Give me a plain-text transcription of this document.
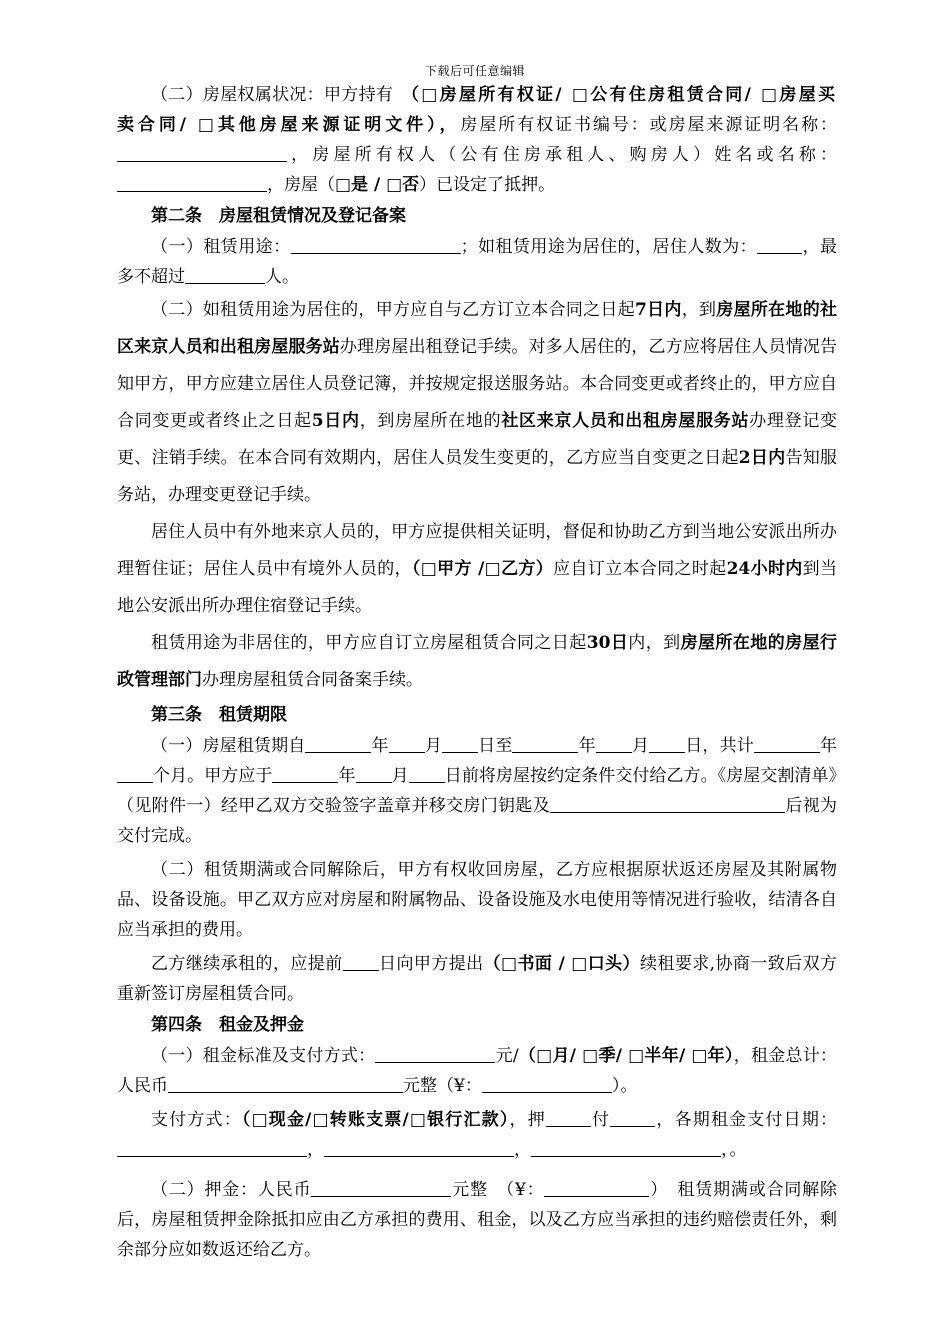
下载后可任意编辑

（二）房屋权属状况：甲方持有　（□房屋所有权证/ □公有住房租赁合同/ □房屋买卖合同/ □其他房屋来源证明文件），房屋所有权证书编号：或房屋来源证明名称：，房屋所有权人（公有住房承租人、购房人）姓名或名称：，房屋（□是 / □否）已设定了抵押。

第二条　房屋租赁情况及登记备案

（一）租赁用途：	；如租赁用途为居住的，居住人数为：	，最多不超过	人。

（二）如租赁用途为居住的，甲方应自与乙方订立本合同之日起7日内，到房屋所在地的社区来京人员和出租房屋服务站办理房屋出租登记手续。对多人居住的，乙方应将居住人员情况告知甲方，甲方应建立居住人员登记簿，并按规定报送服务站。本合同变更或者终止的，甲方应自合同变更或者终止之日起5日内，到房屋所在地的社区来京人员和出租房屋服务站办理登记变更、注销手续。在本合同有效期内，居住人员发生变更的，乙方应当自变更之日起2日内告知服务站，办理变更登记手续。

居住人员中有外地来京人员的，甲方应提供相关证明，督促和协助乙方到当地公安派出所办理暂住证；居住人员中有境外人员的，（□甲方 /□乙方）应自订立本合同之时起24小时内到当地公安派出所办理住宿登记手续。

租赁用途为非居住的，甲方应自订立房屋租赁合同之日起30日内，到房屋所在地的房屋行政管理部门办理房屋租赁合同备案手续。

第三条　租赁期限

（一）房屋租赁期自	年 月 日至	年 月 日，共计	年个月。甲方应于	年 月 日前将房屋按约定条件交付给乙方。《房屋交割清单》（见附件一）经甲乙双方交验签字盖章并移交房门钥匙及	后视为交付完成。

（二）租赁期满或合同解除后，甲方有权收回房屋，乙方应根据原状返还房屋及其附属物品、设备设施。甲乙双方应对房屋和附属物品、设备设施及水电使用等情况进行验收，结清各自应当承担的费用。

乙方继续承租的，应提前 日向甲方提出（□书面 / □口头）续租要求,协商一致后双方重新签订房屋租赁合同。

第四条　租金及押金

（一）租金标准及支付方式：	元/（□月/ □季/ □半年/ □年），租金总计：人民币	元整（¥：	）。

支付方式：（□现金/□转账支票/□银行汇款），押	付	，各期租金支付日期：，	，	，。

（二）押金：人民币	元整　（¥：	）　租赁期满或合同解除后，房屋租赁押金除抵扣应由乙方承担的费用、租金，以及乙方应当承担的违约赔偿责任外，剩余部分应如数返还给乙方。
